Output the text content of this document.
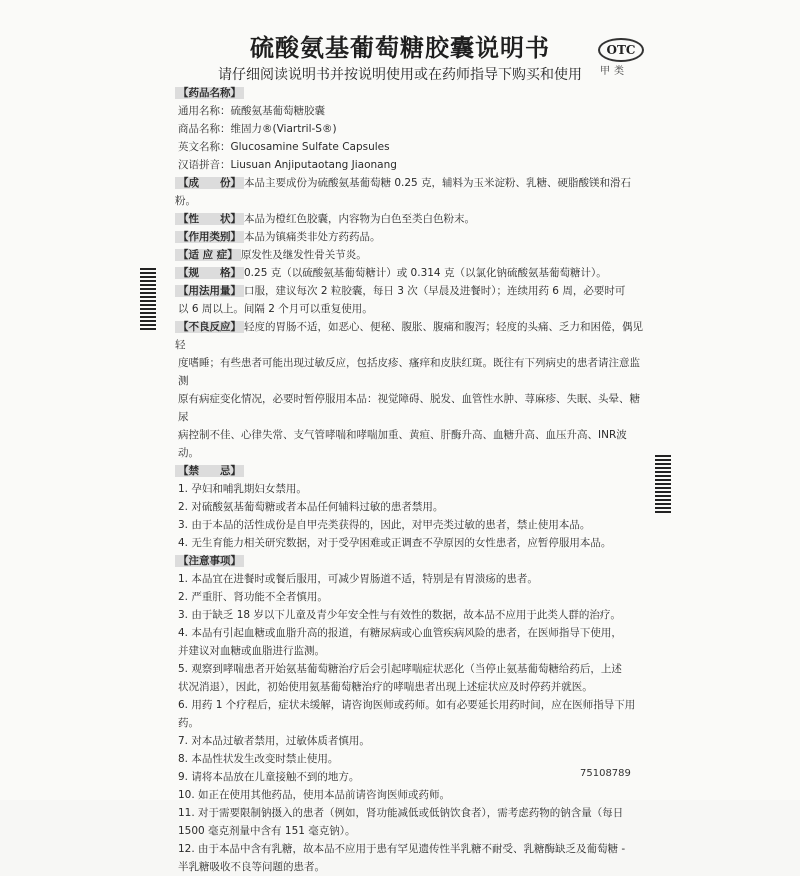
硫酸氨基葡萄糖胶囊说明书	OTC
甲类
请仔细阅读说明书并按说明使用或在药师指导下购买和使用
【药品名称】
通用名称：硫酸氨基葡萄糖胶囊
商品名称：维固力®(Viartril-S®)
英文名称：Glucosamine Sulfate Capsules
汉语拼音：Liusuan Anjiputaotang Jiaonang
【成　　份】 本品主要成份为硫酸氨基葡萄糖 0.25 克，辅料为玉米淀粉、乳糖、硬脂酸镁和滑石粉。
【性　　状】 本品为橙红色胶囊，内容物为白色至类白色粉末。
【作用类别】 本品为镇痛类非处方药药品。
【适 应 症】 原发性及继发性骨关节炎。
【规　　格】 0.25 克（以硫酸氨基葡萄糖计）或 0.314 克（以氯化钠硫酸氨基葡萄糖计）。
【用法用量】 口服，建议每次 2 粒胶囊，每日 3 次（早晨及进餐时）；连续用药 6 周，必要时可
以 6 周以上。间隔 2 个月可以重复使用。
【不良反应】 轻度的胃肠不适，如恶心、便秘、腹胀、腹痛和腹泻；轻度的头痛、乏力和困倦，偶见轻
度嗜睡；有些患者可能出现过敏反应，包括皮疹、瘙痒和皮肤红斑。既往有下列病史的患者请注意监测
原有病症变化情况，必要时暂停服用本品：视觉障碍、脱发、血管性水肿、荨麻疹、失眠、头晕、糖尿
病控制不佳、心律失常、支气管哮喘和哮喘加重、黄疸、肝酶升高、血糖升高、血压升高、INR波动。
【禁　　忌】
1. 孕妇和哺乳期妇女禁用。
2. 对硫酸氨基葡萄糖或者本品任何辅料过敏的患者禁用。
3. 由于本品的活性成份是自甲壳类获得的，因此，对甲壳类过敏的患者，禁止使用本品。
4. 无生育能力相关研究数据，对于受孕困难或正调查不孕原因的女性患者，应暂停服用本品。
【注意事项】
1. 本品宜在进餐时或餐后服用，可减少胃肠道不适，特别是有胃溃疡的患者。
2. 严重肝、肾功能不全者慎用。
3. 由于缺乏 18 岁以下儿童及青少年安全性与有效性的数据，故本品不应用于此类人群的治疗。
4. 本品有引起血糖或血脂升高的报道，有糖尿病或心血管疾病风险的患者，在医师指导下使用，
并建议对血糖或血脂进行监测。
5. 观察到哮喘患者开始氨基葡萄糖治疗后会引起哮喘症状恶化（当停止氨基葡萄糖给药后，上述
状况消退），因此，初始使用氨基葡萄糖治疗的哮喘患者出现上述症状应及时停药并就医。
6. 用药 1 个疗程后，症状未缓解，请咨询医师或药师。如有必要延长用药时间，应在医师指导下用药。
7. 对本品过敏者禁用，过敏体质者慎用。
8. 本品性状发生改变时禁止使用。
9. 请将本品放在儿童接触不到的地方。
10. 如正在使用其他药品，使用本品前请咨询医师或药师。
11. 对于需要限制钠摄入的患者（例如，肾功能减低或低钠饮食者），需考虑药物的钠含量（每日
1500 毫克剂量中含有 151 毫克钠）。
12. 由于本品中含有乳糖，故本品不应用于患有罕见遗传性半乳糖不耐受、乳糖酶缺乏及葡萄糖 -
半乳糖吸收不良等问题的患者。
75108789
